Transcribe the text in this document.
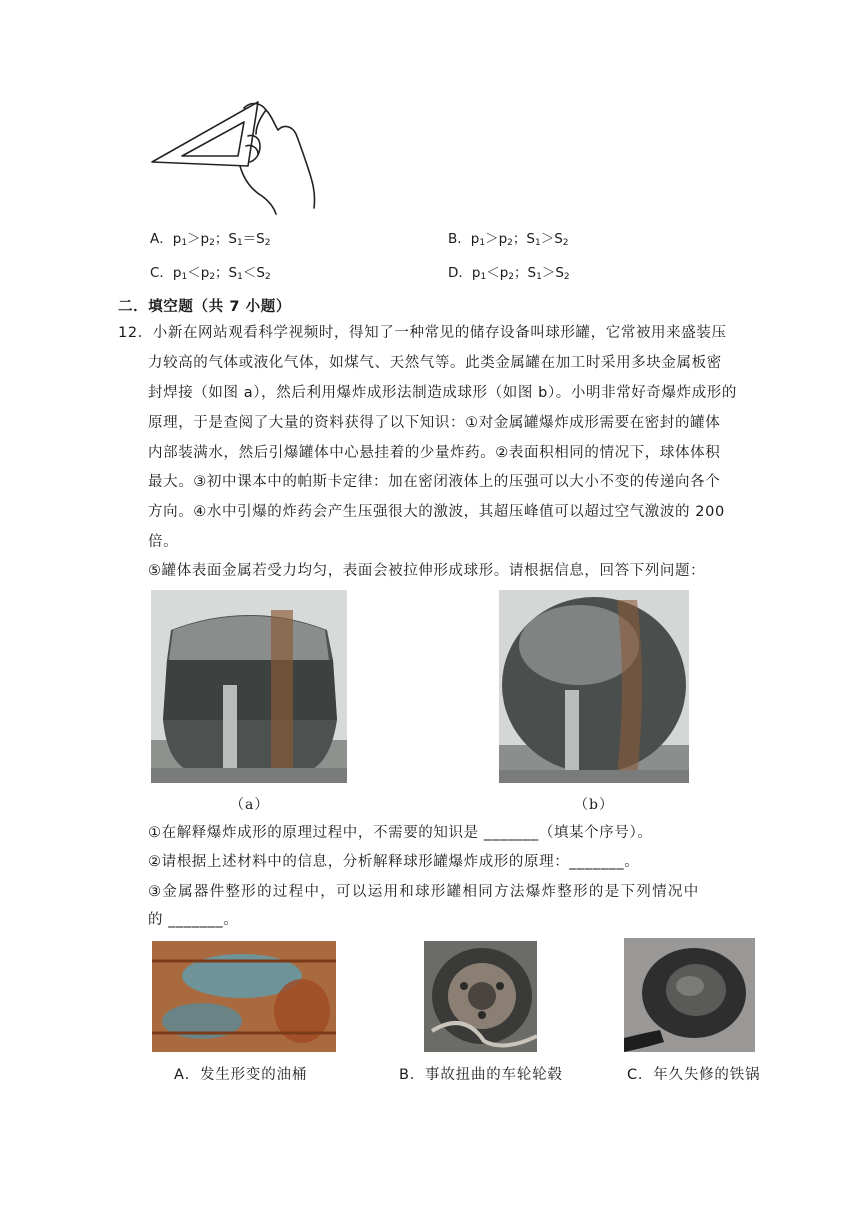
A．$p_1>p_2$；$S_1=S_2$	B．$p_1>p_2$；$S_1>S_2$
C．$p_1<p_2$；$S_1<S_2$	D．$p_1<p_2$；$S_1>S_2$
二．填空题（共 7 小题）
12．小新在网站观看科学视频时，得知了一种常见的储存设备叫球形罐，它常被用来盛装压
力较高的气体或液化气体，如煤气、天然气等。此类金属罐在加工时采用多块金属板密
封焊接（如图 a），然后利用爆炸成形法制造成球形（如图 b）。小明非常好奇爆炸成形的
原理，于是查阅了大量的资料获得了以下知识：①对金属罐爆炸成形需要在密封的罐体
内部装满水，然后引爆罐体中心悬挂着的少量炸药。②表面积相同的情况下，球体体积
最大。③初中课本中的帕斯卡定律：加在密闭液体上的压强可以大小不变的传递向各个
方向。④水中引爆的炸药会产生压强很大的激波，其超压峰值可以超过空气激波的 200
倍。
⑤罐体表面金属若受力均匀，表面会被拉伸形成球形。请根据信息，回答下列问题：
（a）	（b）
①在解释爆炸成形的原理过程中，不需要的知识是 _______（填某个序号）。
②请根据上述材料中的信息，分析解释球形罐爆炸成形的原理：_______。
③金属器件整形的过程中，可以运用和球形罐相同方法爆炸整形的是下列情况中
的 _______。
A．发生形变的油桶	B．事故扭曲的车轮轮毂	C．年久失修的铁锅
